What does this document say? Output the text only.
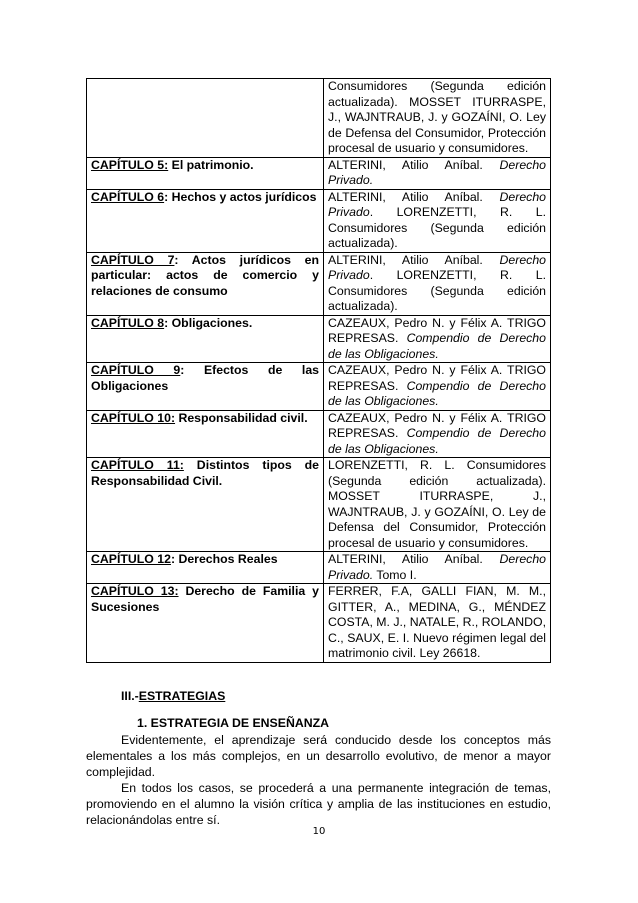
	Consumidores (Segunda edición actualizada). MOSSET ITURRASPE, J., WAJNTRAUB, J. y GOZAÍNI, O. Ley de Defensa del Consumidor, Protección procesal de usuario y consumidores.
CAPÍTULO 5: El patrimonio.	ALTERINI, Atilio Aníbal. Derecho Privado.
CAPÍTULO 6: Hechos y actos jurídicos	ALTERINI, Atilio Aníbal. Derecho Privado. LORENZETTI, R. L. Consumidores (Segunda edición actualizada).
CAPÍTULO 7: Actos jurídicos en particular: actos de comercio y relaciones de consumo	ALTERINI, Atilio Aníbal. Derecho Privado. LORENZETTI, R. L. Consumidores (Segunda edición actualizada).
CAPÍTULO 8: Obligaciones.	CAZEAUX, Pedro N. y Félix A. TRIGO REPRESAS. Compendio de Derecho de las Obligaciones.
CAPÍTULO 9: Efectos de las Obligaciones	CAZEAUX, Pedro N. y Félix A. TRIGO REPRESAS. Compendio de Derecho de las Obligaciones.
CAPÍTULO 10: Responsabilidad civil.	CAZEAUX, Pedro N. y Félix A. TRIGO REPRESAS. Compendio de Derecho de las Obligaciones.
CAPÍTULO 11: Distintos tipos de Responsabilidad Civil.	LORENZETTI, R. L. Consumidores (Segunda edición actualizada). MOSSET ITURRASPE, J., WAJNTRAUB, J. y GOZAÍNI, O. Ley de Defensa del Consumidor, Protección procesal de usuario y consumidores.
CAPÍTULO 12: Derechos Reales	ALTERINI, Atilio Aníbal. Derecho Privado. Tomo I.
CAPÍTULO 13: Derecho de Familia y Sucesiones	FERRER, F.A, GALLI FIAN, M. M., GITTER, A., MEDINA, G., MÉNDEZ COSTA, M. J., NATALE, R., ROLANDO, C., SAUX, E. I. Nuevo régimen legal del matrimonio civil. Ley 26618.
III.-ESTRATEGIAS
1. ESTRATEGIA DE ENSEÑANZA
Evidentemente, el aprendizaje será conducido desde los conceptos más elementales a los más complejos, en un desarrollo evolutivo, de menor a mayor complejidad.
En todos los casos, se procederá a una permanente integración de temas, promoviendo en el alumno la visión crítica y amplia de las instituciones en estudio, relacionándolas entre sí.
10
